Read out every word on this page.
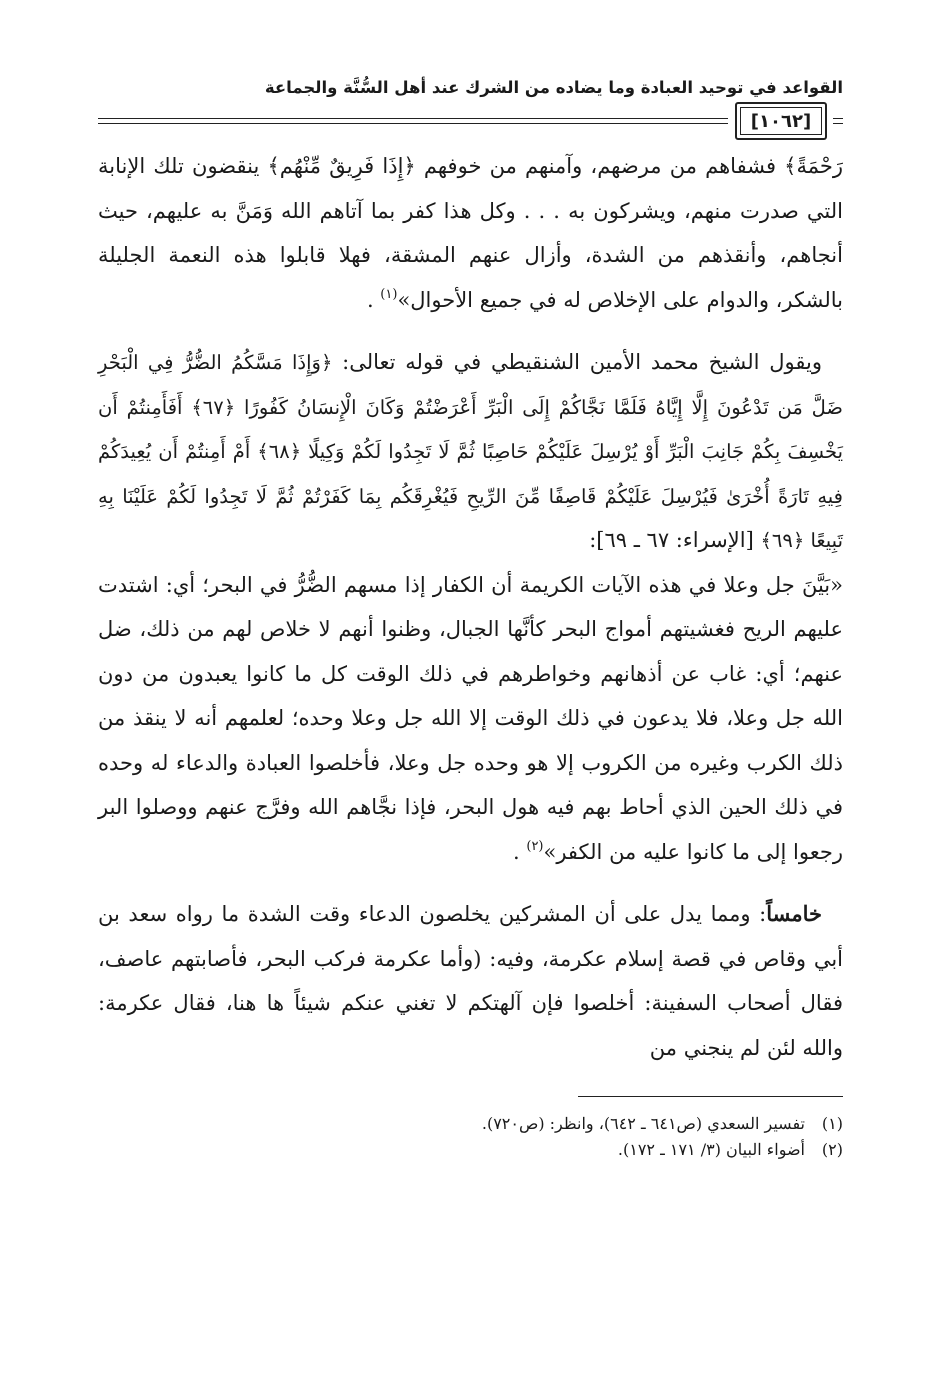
القواعد في توحيد العبادة وما يضاده من الشرك عند أهل السُّنَّة والجماعة
[١٠٦٢]

رَحْمَةً﴾ فشفاهم من مرضهم، وآمنهم من خوفهم ﴿إِذَا فَرِيقٌ مِّنْهُم﴾ ينقضون تلك الإنابة التي صدرت منهم، ويشركون به . . . وكل هذا كفر بما آتاهم الله وَمَنَّ به عليهم، حيث أنجاهم، وأنقذهم من الشدة، وأزال عنهم المشقة، فهلا قابلوا هذه النعمة الجليلة بالشكر، والدوام على الإخلاص له في جميع الأحوال»$^{(١)}$ .

 ويقول الشيخ محمد الأمين الشنقيطي في قوله تعالى: ﴿وَإِذَا مَسَّكُمُ الضُّرُّ فِي الْبَحْرِ ضَلَّ مَن تَدْعُونَ إِلَّا إِيَّاهُ فَلَمَّا نَجَّاكُمْ إِلَى الْبَرِّ أَعْرَضْتُمْ وَكَانَ الْإِنسَانُ كَفُورًا ﴿٦٧﴾ أَفَأَمِنتُمْ أَن يَخْسِفَ بِكُمْ جَانِبَ الْبَرِّ أَوْ يُرْسِلَ عَلَيْكُمْ حَاصِبًا ثُمَّ لَا تَجِدُوا لَكُمْ وَكِيلًا ﴿٦٨﴾ أَمْ أَمِنتُمْ أَن يُعِيدَكُمْ فِيهِ تَارَةً أُخْرَىٰ فَيُرْسِلَ عَلَيْكُمْ قَاصِفًا مِّنَ الرِّيحِ فَيُغْرِقَكُم بِمَا كَفَرْتُمْ ثُمَّ لَا تَجِدُوا لَكُمْ عَلَيْنَا بِهِ تَبِيعًا ﴿٦٩﴾ [الإسراء: ٦٧ ـ ٦٩]:

«بَيَّنَ جل وعلا في هذه الآيات الكريمة أن الكفار إذا مسهم الضُّرُّ في البحر؛ أي: اشتدت عليهم الريح فغشيتهم أمواج البحر كأنَّها الجبال، وظنوا أنهم لا خلاص لهم من ذلك، ضل عنهم؛ أي: غاب عن أذهانهم وخواطرهم في ذلك الوقت كل ما كانوا يعبدون من دون الله جل وعلا، فلا يدعون في ذلك الوقت إلا الله جل وعلا وحده؛ لعلمهم أنه لا ينقذ من ذلك الكرب وغيره من الكروب إلا هو وحده جل وعلا، فأخلصوا العبادة والدعاء له وحده في ذلك الحين الذي أحاط بهم فيه هول البحر، فإذا نجَّاهم الله وفرَّج عنهم ووصلوا البر رجعوا إلى ما كانوا عليه من الكفر»$^{(٢)}$ .

 خامساً: ومما يدل على أن المشركين يخلصون الدعاء وقت الشدة ما رواه سعد بن أبي وقاص في قصة إسلام عكرمة، وفيه: (وأما عكرمة فركب البحر، فأصابتهم عاصف، فقال أصحاب السفينة: أخلصوا فإن آلهتكم لا تغني عنكم شيئاً ها هنا، فقال عكرمة: والله لئن لم ينجني من

(١)تفسير السعدي (ص٦٤١ ـ ٦٤٢)، وانظر: (ص٧٢٠).
(٢)أضواء البيان (٣/ ١٧١ ـ ١٧٢).
